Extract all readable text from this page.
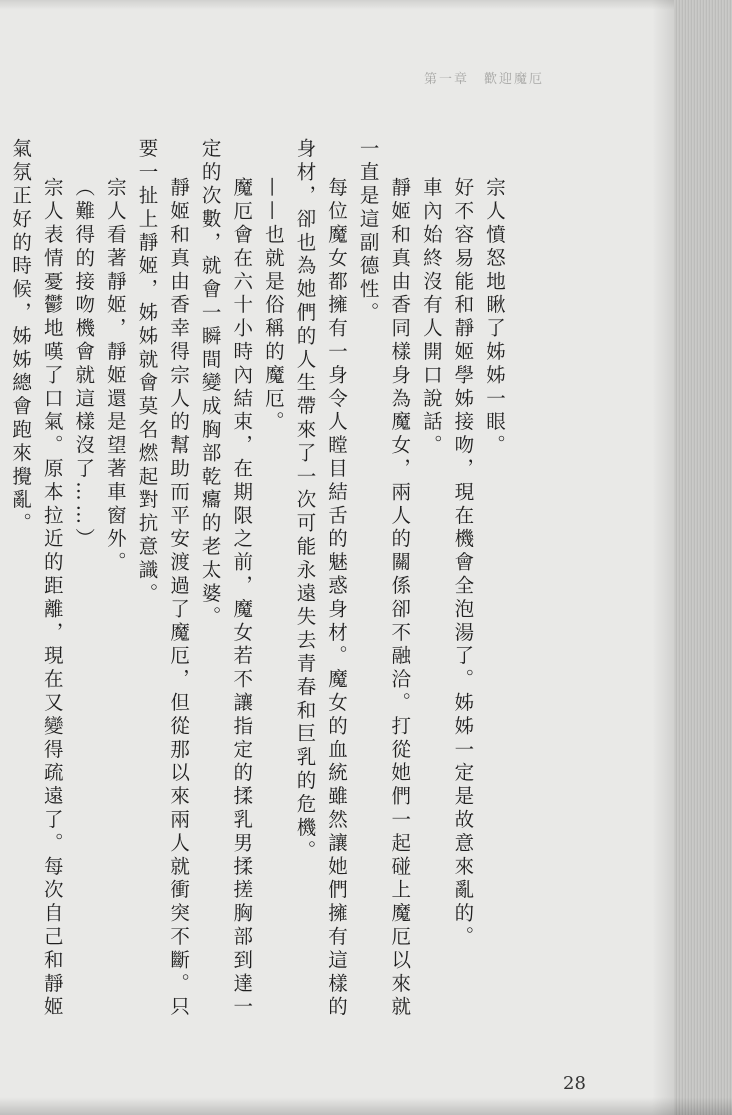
第一章　歡迎魔厄

宗人憤怒地瞅了姊姊一眼。

好不容易能和靜姬學姊接吻，現在機會全泡湯了。姊姊一定是故意來亂的。

車內始終沒有人開口說話。

靜姬和真由香同樣身為魔女，兩人的關係卻不融洽。打從她們一起碰上魔厄以來就一直是這副德性。

每位魔女都擁有一身令人瞠目結舌的魅惑身材。魔女的血統雖然讓她們擁有這樣的身材，卻也為她們的人生帶來了一次可能永遠失去青春和巨乳的危機。

——也就是俗稱的魔厄。

魔厄會在六十小時內結束，在期限之前，魔女若不讓指定的揉乳男揉搓胸部到達一定的次數，就會一瞬間變成胸部乾癟的老太婆。

靜姬和真由香幸得宗人的幫助而平安渡過了魔厄，但從那以來兩人就衝突不斷。只要一扯上靜姬，姊姊就會莫名燃起對抗意識。

宗人看著靜姬，靜姬還是望著車窗外。

（難得的接吻機會就這樣沒了……）

宗人表情憂鬱地嘆了口氣。原本拉近的距離，現在又變得疏遠了。每次自己和靜姬氣氛正好的時候，姊姊總會跑來攪亂。

28
